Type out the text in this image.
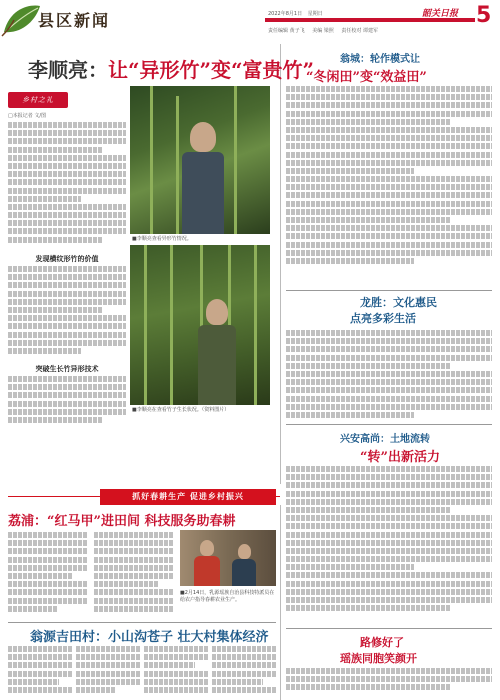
县区新闻	2022年8月1日 星期日	韶关日报 5
责任编辑 黄子飞 美编 梁照 责任校对 谭建军
李顺亮：让“异形竹”变“富贵竹”
乡村之礼
□本报记者 文/图
发现横纹形竹的价值
突破生长竹异形技术
■李顺亮查看异形竹情况。
■李顺亮在查看竹子生长状况。（资料图片）
抓好春耕生产 促进乡村振兴
荔浦：“红马甲”进田间 科技服务助春耕
■2月14日，乳源瑶族自治县科技特派员在给农户指导春耕农业生产。
翁源吉田村：小山沟苍子 壮大村集体经济
翁城：轮作模式让
“冬闲田”变“效益田”
龙胜：文化惠民
点亮多彩生活
兴安高尚：土地流转
“转”出新活力
路修好了
瑶族同胞笑颜开
